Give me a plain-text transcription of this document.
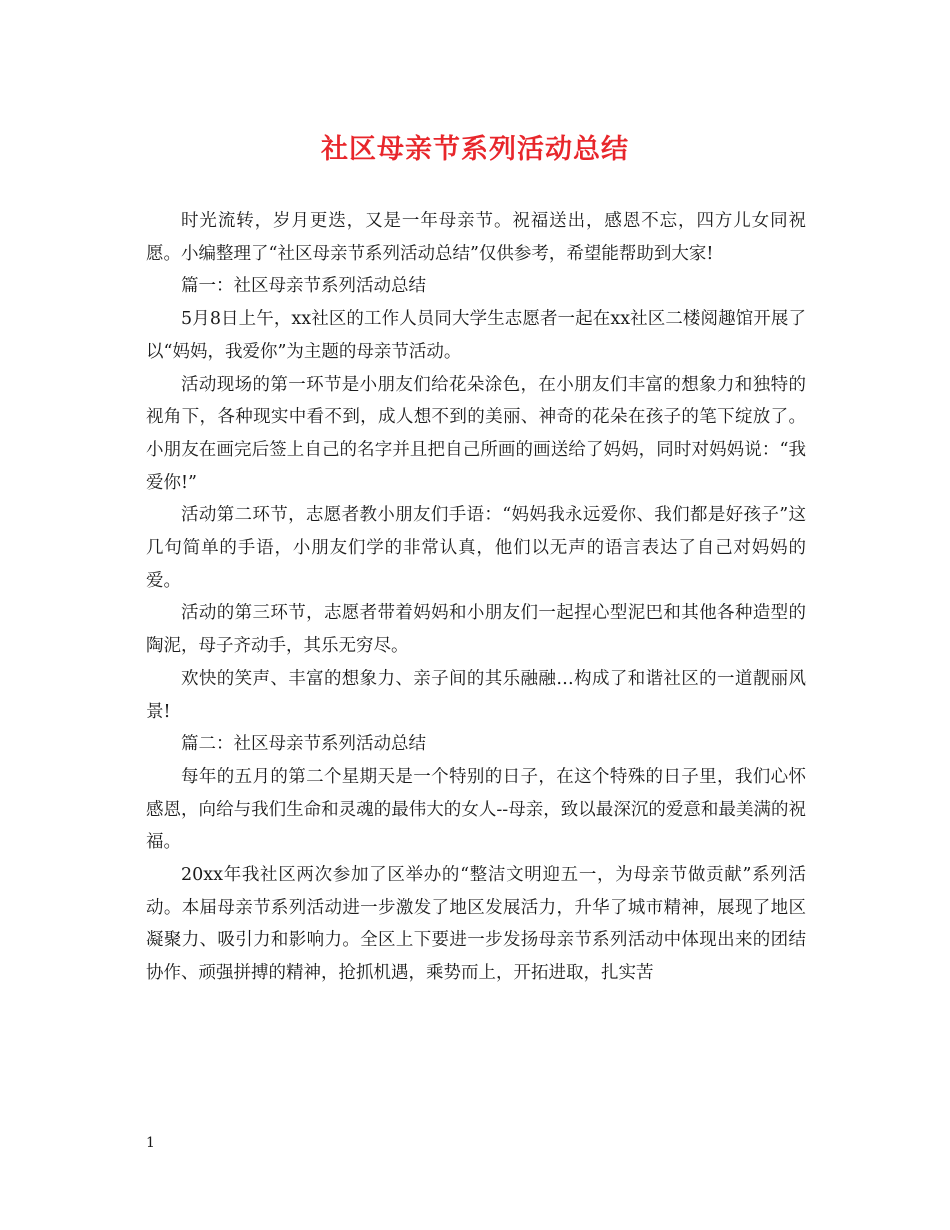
社区母亲节系列活动总结

时光流转，岁月更迭，又是一年母亲节。祝福送出，感恩不忘，四方儿女同祝愿。小编整理了“社区母亲节系列活动总结”仅供参考，希望能帮助到大家!

篇一：社区母亲节系列活动总结

5月8日上午，xx社区的工作人员同大学生志愿者一起在xx社区二楼阅趣馆开展了以“妈妈，我爱你”为主题的母亲节活动。

活动现场的第一环节是小朋友们给花朵涂色，在小朋友们丰富的想象力和独特的视角下，各种现实中看不到，成人想不到的美丽、神奇的花朵在孩子的笔下绽放了。小朋友在画完后签上自己的名字并且把自己所画的画送给了妈妈，同时对妈妈说：“我爱你!”

活动第二环节，志愿者教小朋友们手语：“妈妈我永远爱你、我们都是好孩子”这几句简单的手语，小朋友们学的非常认真，他们以无声的语言表达了自己对妈妈的爱。

活动的第三环节，志愿者带着妈妈和小朋友们一起捏心型泥巴和其他各种造型的陶泥，母子齐动手，其乐无穷尽。

欢快的笑声、丰富的想象力、亲子间的其乐融融…构成了和谐社区的一道靓丽风景!

篇二：社区母亲节系列活动总结

每年的五月的第二个星期天是一个特别的日子，在这个特殊的日子里，我们心怀感恩，向给与我们生命和灵魂的最伟大的女人--母亲，致以最深沉的爱意和最美满的祝福。

20xx年我社区两次参加了区举办的“整洁文明迎五一，为母亲节做贡献”系列活动。本届母亲节系列活动进一步激发了地区发展活力，升华了城市精神，展现了地区凝聚力、吸引力和影响力。全区上下要进一步发扬母亲节系列活动中体现出来的团结协作、顽强拼搏的精神，抢抓机遇，乘势而上，开拓进取，扎实苦

1
